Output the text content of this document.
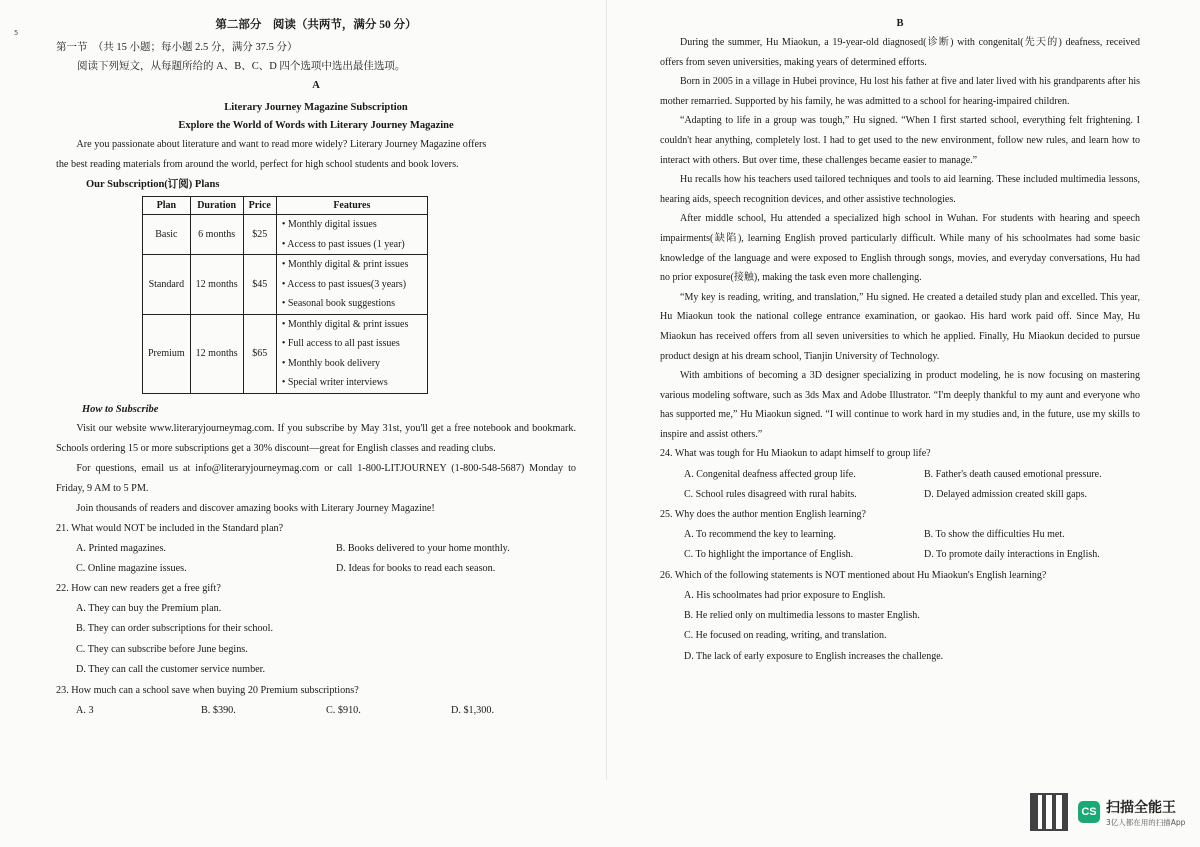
5
第二部分　阅读（共两节，满分 50 分）
第一节　（共 15 小题；每小题 2.5 分，满分 37.5 分）
阅读下列短文，从每题所给的 A、B、C、D 四个选项中选出最佳选项。
A
Literary Journey Magazine Subscription
Explore the World of Words with Literary Journey Magazine

Are you passionate about literature and want to read more widely? Literary Journey Magazine offers

the best reading materials from around the world, perfect for high school students and book lovers.

Our Subscription(订阅) Plans
Plan	Duration	Price	Features
Basic	6 months	$25	• Monthly digital issues
• Access to past issues (1 year)

Standard	12 months	$45	• Monthly digital & print issues
• Access to past issues(3 years)
• Seasonal book suggestions

Premium	12 months	$65	• Monthly digital & print issues
• Full access to all past issues
• Monthly book delivery
• Special writer interviews
How to Subscribe

Visit our website www.literaryjourneymag.com. If you subscribe by May 31st, you'll get a free notebook and bookmark. Schools ordering 15 or more subscriptions get a 30% discount—great for English classes and reading clubs.

For questions, email us at info@literaryjourneymag.com or call 1-800-LITJOURNEY (1-800-548-5687) Monday to Friday, 9 AM to 5 PM.

Join thousands of readers and discover amazing books with Literary Journey Magazine!

21. What would NOT be included in the Standard plan?

A. Printed magazines.	B. Books delivered to your home monthly.
C. Online magazine issues.	D. Ideas for books to read each season.

22. How can new readers get a free gift?

A. They can buy the Premium plan.
B. They can order subscriptions for their school.
C. They can subscribe before June begins.
D. They can call the customer service number.

23. How much can a school save when buying 20 Premium subscriptions?

A. 3	B. $390.	C. $910.	D. $1,300.
B

During the summer, Hu Miaokun, a 19-year-old diagnosed(诊断) with congenital(先天的) deafness, received offers from seven universities, making years of determined efforts.

Born in 2005 in a village in Hubei province, Hu lost his father at five and later lived with his grandparents after his mother remarried. Supported by his family, he was admitted to a school for hearing-impaired children.

“Adapting to life in a group was tough,” Hu signed. “When I first started school, everything felt frightening. I couldn't hear anything, completely lost. I had to get used to the new environment, follow new rules, and learn how to interact with others. But over time, these challenges became easier to manage.”

Hu recalls how his teachers used tailored techniques and tools to aid learning. These included multimedia lessons, hearing aids, speech recognition devices, and other assistive technologies.

After middle school, Hu attended a specialized high school in Wuhan. For students with hearing and speech impairments(缺陷), learning English proved particularly difficult. While many of his schoolmates had some basic knowledge of the language and were exposed to English through songs, movies, and everyday conversations, Hu had no prior exposure(接触), making the task even more challenging.

“My key is reading, writing, and translation,” Hu signed. He created a detailed study plan and excelled. This year, Hu Miaokun took the national college entrance examination, or gaokao. His hard work paid off. Since May, Hu Miaokun has received offers from all seven universities to which he applied. Finally, Hu Miaokun decided to pursue product design at his dream school, Tianjin University of Technology.

With ambitions of becoming a 3D designer specializing in product modeling, he is now focusing on mastering various modeling software, such as 3ds Max and Adobe Illustrator. “I'm deeply thankful to my aunt and everyone who has supported me,” Hu Miaokun signed. “I will continue to work hard in my studies and, in the future, use my skills to inspire and assist others.”

24. What was tough for Hu Miaokun to adapt himself to group life?

A. Congenital deafness affected group life.	B. Father's death caused emotional pressure.
C. School rules disagreed with rural habits.	D. Delayed admission created skill gaps.

25. Why does the author mention English learning?

A. To recommend the key to learning.	B. To show the difficulties Hu met.
C. To highlight the importance of English.	D. To promote daily interactions in English.

26. Which of the following statements is NOT mentioned about Hu Miaokun's English learning?

A. His schoolmates had prior exposure to English.
B. He relied only on multimedia lessons to master English.
C. He focused on reading, writing, and translation.
D. The lack of early exposure to English increases the challenge.
CS 扫描全能王
3亿人都在用的扫描App
